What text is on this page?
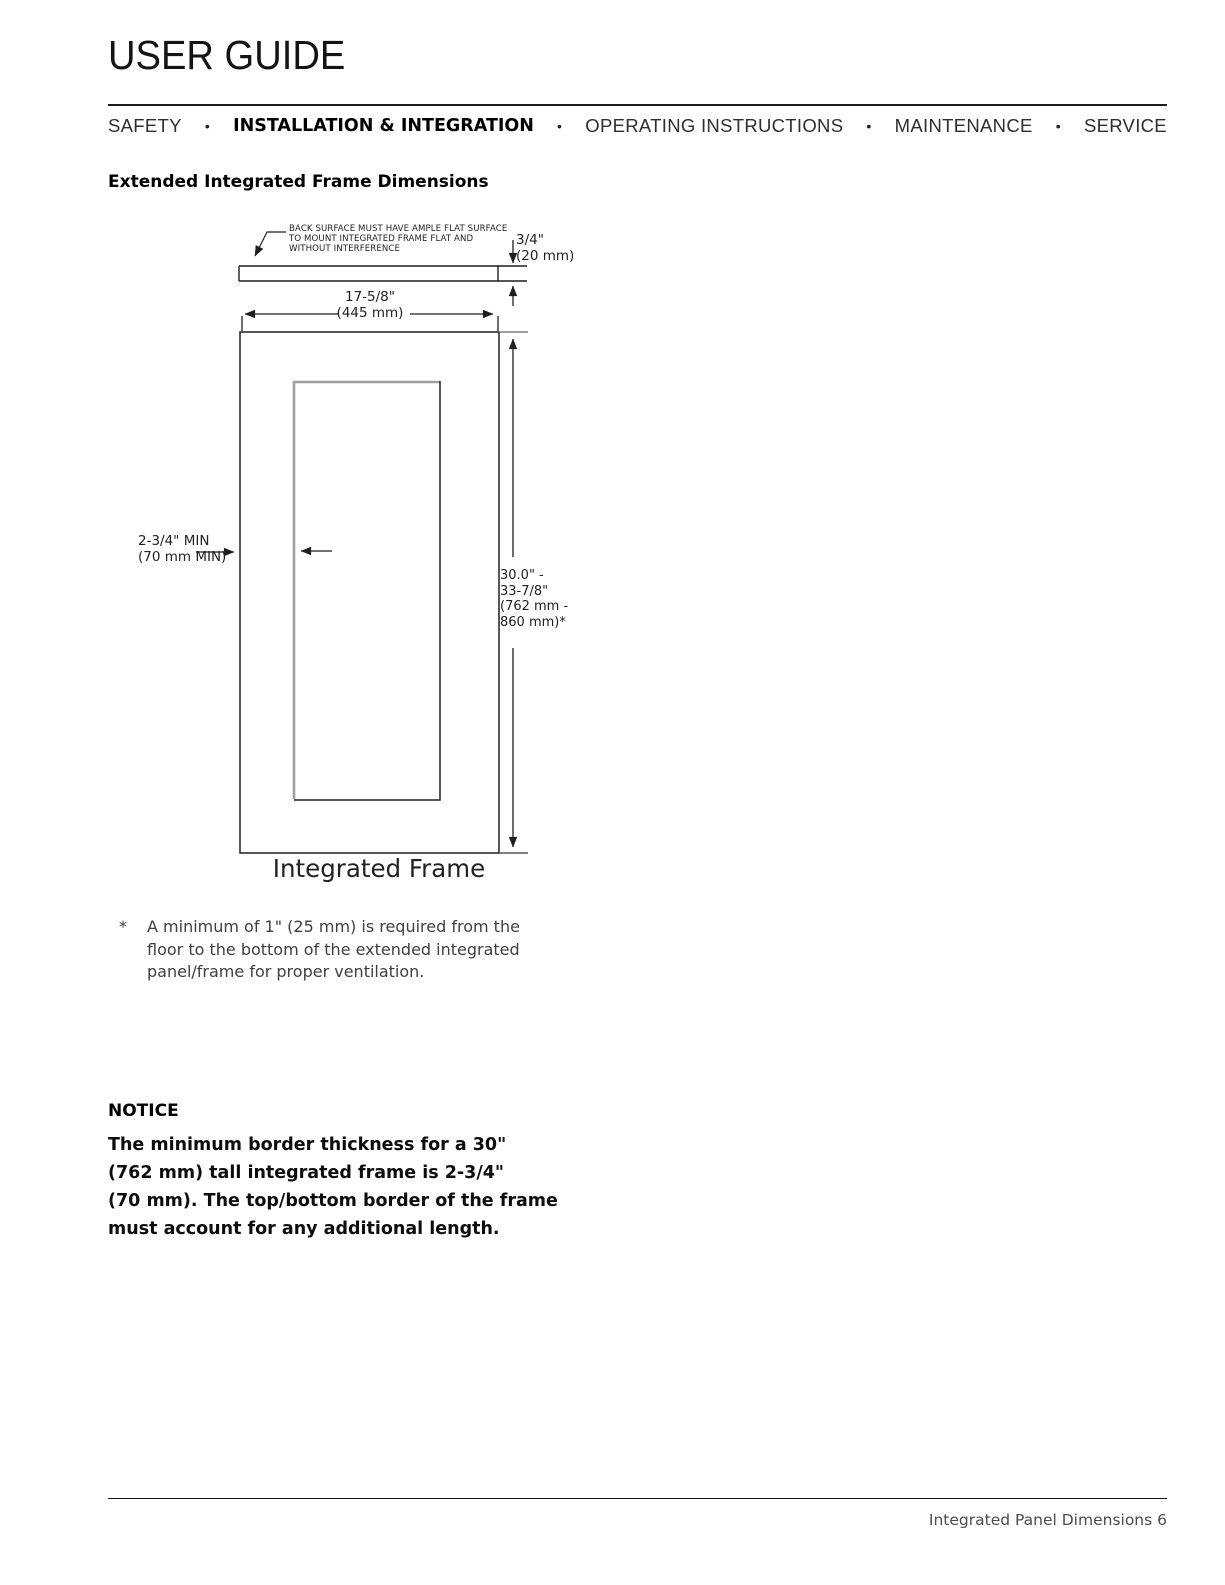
USER GUIDE
SAFETY • INSTALLATION & INTEGRATION • OPERATING INSTRUCTIONS • MAINTENANCE • SERVICE
Extended Integrated Frame Dimensions
BACK SURFACE MUST HAVE AMPLE FLAT SURFACE
TO MOUNT INTEGRATED FRAME FLAT AND
WITHOUT INTERFERENCE
3/4"
(20 mm)
17-5/8"
(445 mm)
2-3/4" MIN
(70 mm MIN)
30.0" -
33-7/8"
(762 mm -
860 mm)*
Integrated Frame
*	A minimum of 1" (25 mm) is required from the
floor to the bottom of the extended integrated
panel/frame for proper ventilation.
NOTICE
The minimum border thickness for a 30"
(762 mm) tall integrated frame is 2-3/4"
(70 mm). The top/bottom border of the frame
must account for any additional length.
Integrated Panel Dimensions 6
